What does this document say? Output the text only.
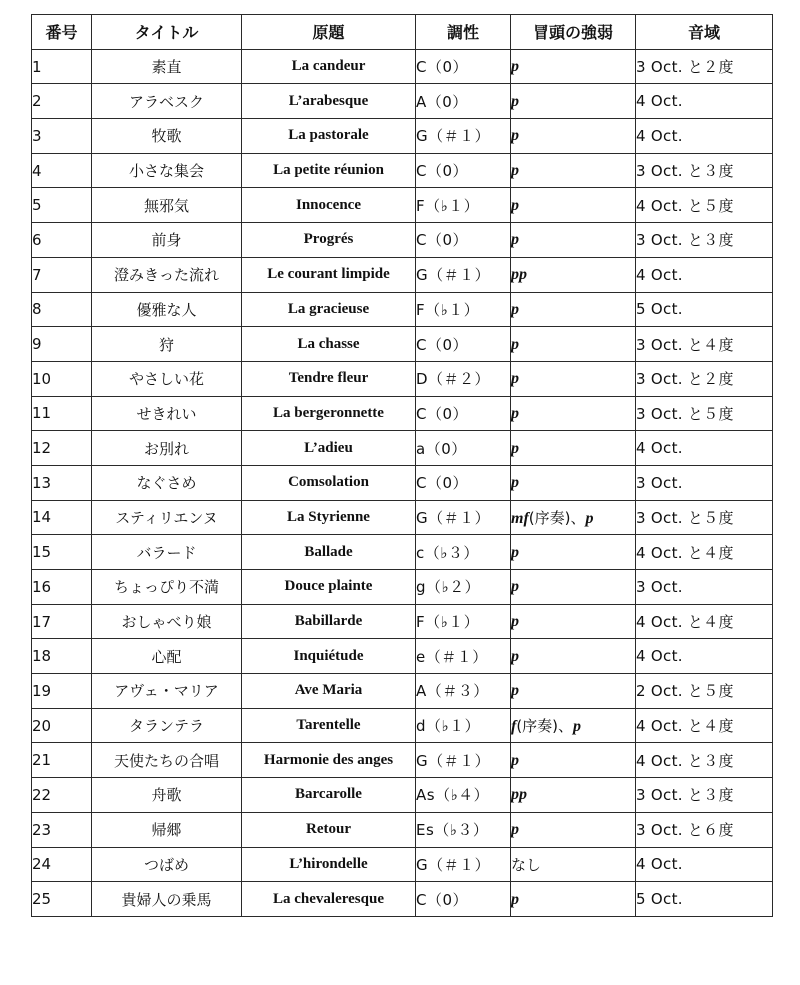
番号	タイトル	原題	調性	冒頭の強弱	音域
1	素直	La candeur	C（0）	p	3 Oct. と２度
2	アラベスク	L’arabesque	A（0）	p	4 Oct.
3	牧歌	La pastorale	G（＃１）	p	4 Oct.
4	小さな集会	La petite réunion	C（0）	p	3 Oct. と３度
5	無邪気	Innocence	F（♭１）	p	4 Oct. と５度
6	前身	Progrés	C（0）	p	3 Oct. と３度
7	澄みきった流れ	Le courant limpide	G（＃１）	pp	4 Oct.
8	優雅な人	La gracieuse	F（♭１）	p	5 Oct.
9	狩	La chasse	C（0）	p	3 Oct. と４度
10	やさしい花	Tendre fleur	D（＃２）	p	3 Oct. と２度
11	せきれい	La bergeronnette	C（0）	p	3 Oct. と５度
12	お別れ	L’adieu	a（0）	p	4 Oct.
13	なぐさめ	Comsolation	C（0）	p	3 Oct.
14	スティリエンヌ	La Styrienne	G（＃１）	mf(序奏)、p	3 Oct. と５度
15	バラード	Ballade	c（♭３）	p	4 Oct. と４度
16	ちょっぴり不満	Douce plainte	g（♭２）	p	3 Oct.
17	おしゃべり娘	Babillarde	F（♭１）	p	4 Oct. と４度
18	心配	Inquiétude	e（＃１）	p	4 Oct.
19	アヴェ・マリア	Ave Maria	A（＃３）	p	2 Oct. と５度
20	タランテラ	Tarentelle	d（♭１）	f(序奏)、p	4 Oct. と４度
21	天使たちの合唱	Harmonie des anges	G（＃１）	p	4 Oct. と３度
22	舟歌	Barcarolle	As（♭４）	pp	3 Oct. と３度
23	帰郷	Retour	Es（♭３）	p	3 Oct. と６度
24	つばめ	L’hirondelle	G（＃１）	なし	4 Oct.
25	貴婦人の乗馬	La chevaleresque	C（0）	p	5 Oct.
